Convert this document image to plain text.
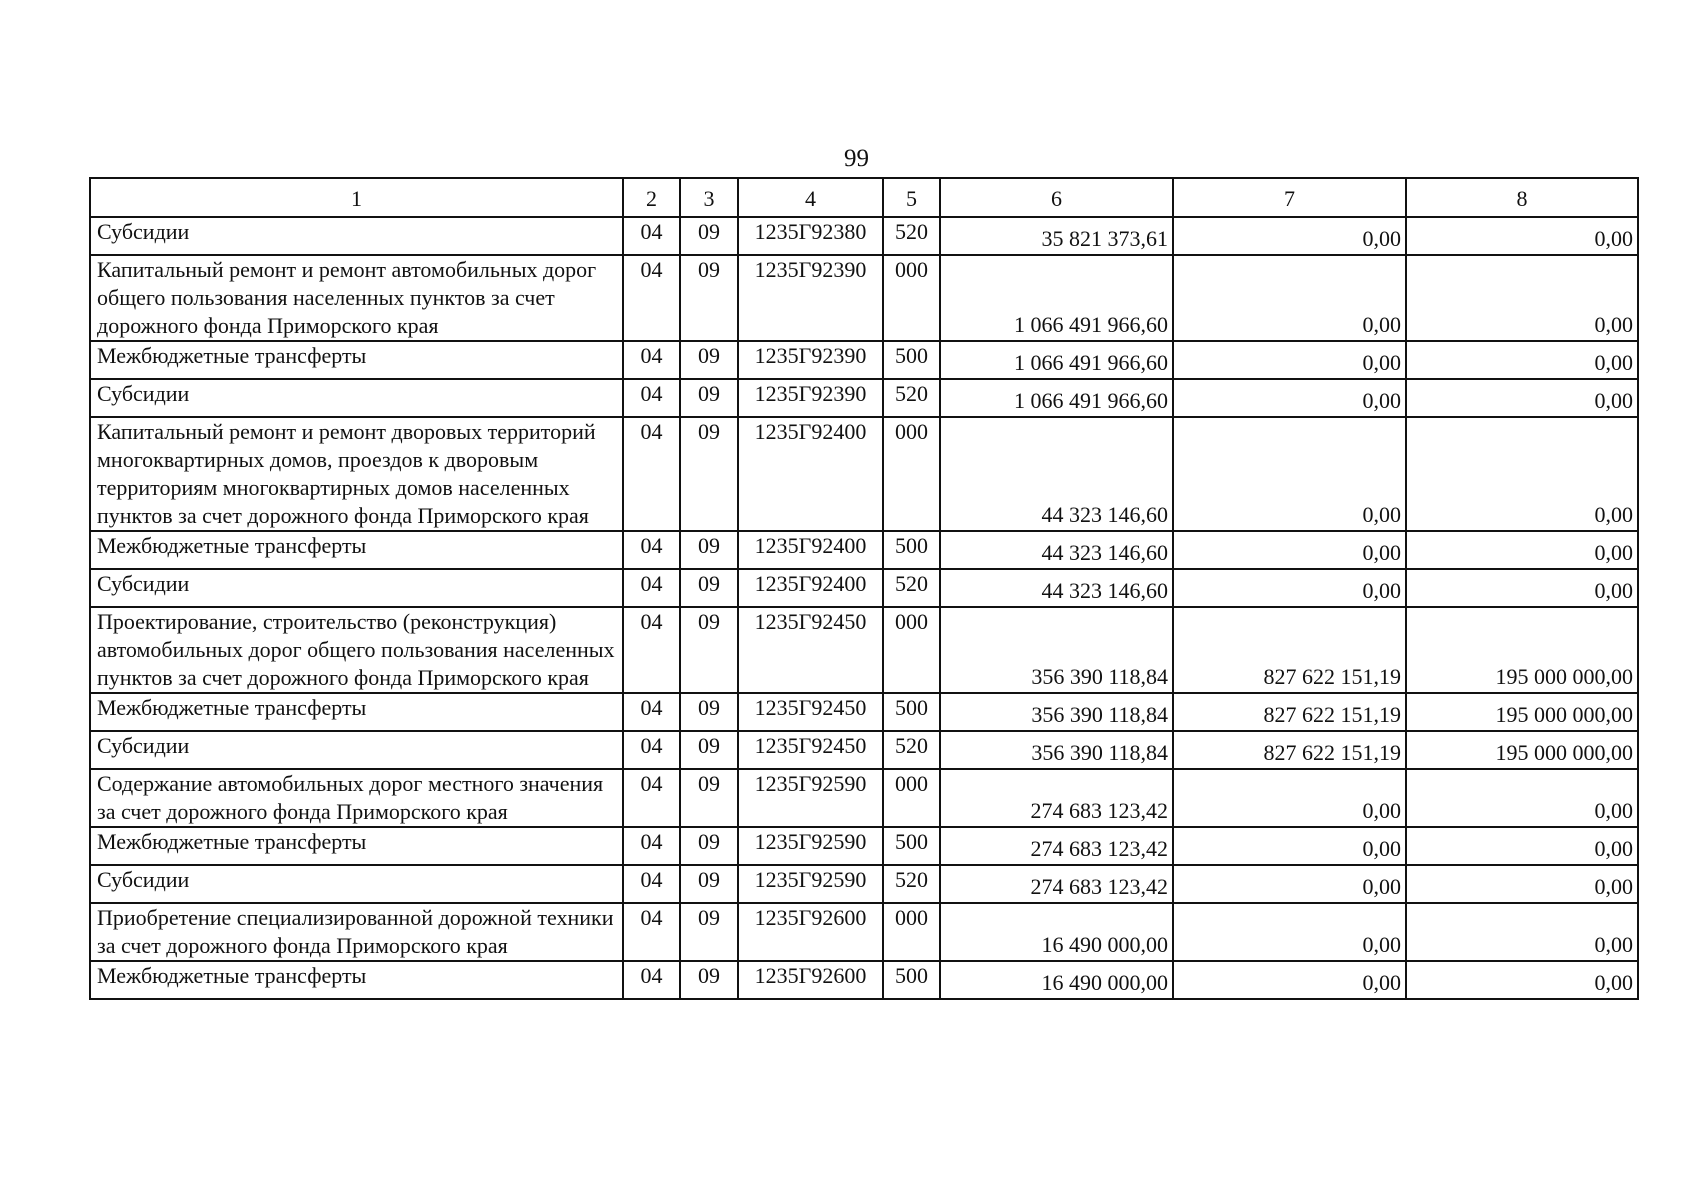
99
1	2	3	4	5	6	7	8
Субсидии	04	09	1235Г92380	520	35 821 373,61	0,00	0,00
Капитальный ремонт и ремонт автомобильных дорог общего пользования населенных пунктов за счет дорожного фонда Приморского края	04	09	1235Г92390	000	1 066 491 966,60	0,00	0,00
Межбюджетные трансферты	04	09	1235Г92390	500	1 066 491 966,60	0,00	0,00
Субсидии	04	09	1235Г92390	520	1 066 491 966,60	0,00	0,00
Капитальный ремонт и ремонт дворовых территорий многоквартирных домов, проездов к дворовым территориям многоквартирных домов населенных пунктов за счет дорожного фонда Приморского края	04	09	1235Г92400	000	44 323 146,60	0,00	0,00
Межбюджетные трансферты	04	09	1235Г92400	500	44 323 146,60	0,00	0,00
Субсидии	04	09	1235Г92400	520	44 323 146,60	0,00	0,00
Проектирование, строительство (реконструкция) автомобильных дорог общего пользования населенных пунктов за счет дорожного фонда Приморского края	04	09	1235Г92450	000	356 390 118,84	827 622 151,19	195 000 000,00
Межбюджетные трансферты	04	09	1235Г92450	500	356 390 118,84	827 622 151,19	195 000 000,00
Субсидии	04	09	1235Г92450	520	356 390 118,84	827 622 151,19	195 000 000,00
Содержание автомобильных дорог местного значения за счет дорожного фонда Приморского края	04	09	1235Г92590	000	274 683 123,42	0,00	0,00
Межбюджетные трансферты	04	09	1235Г92590	500	274 683 123,42	0,00	0,00
Субсидии	04	09	1235Г92590	520	274 683 123,42	0,00	0,00
Приобретение специализированной дорожной техники за счет дорожного фонда Приморского края	04	09	1235Г92600	000	16 490 000,00	0,00	0,00
Межбюджетные трансферты	04	09	1235Г92600	500	16 490 000,00	0,00	0,00
